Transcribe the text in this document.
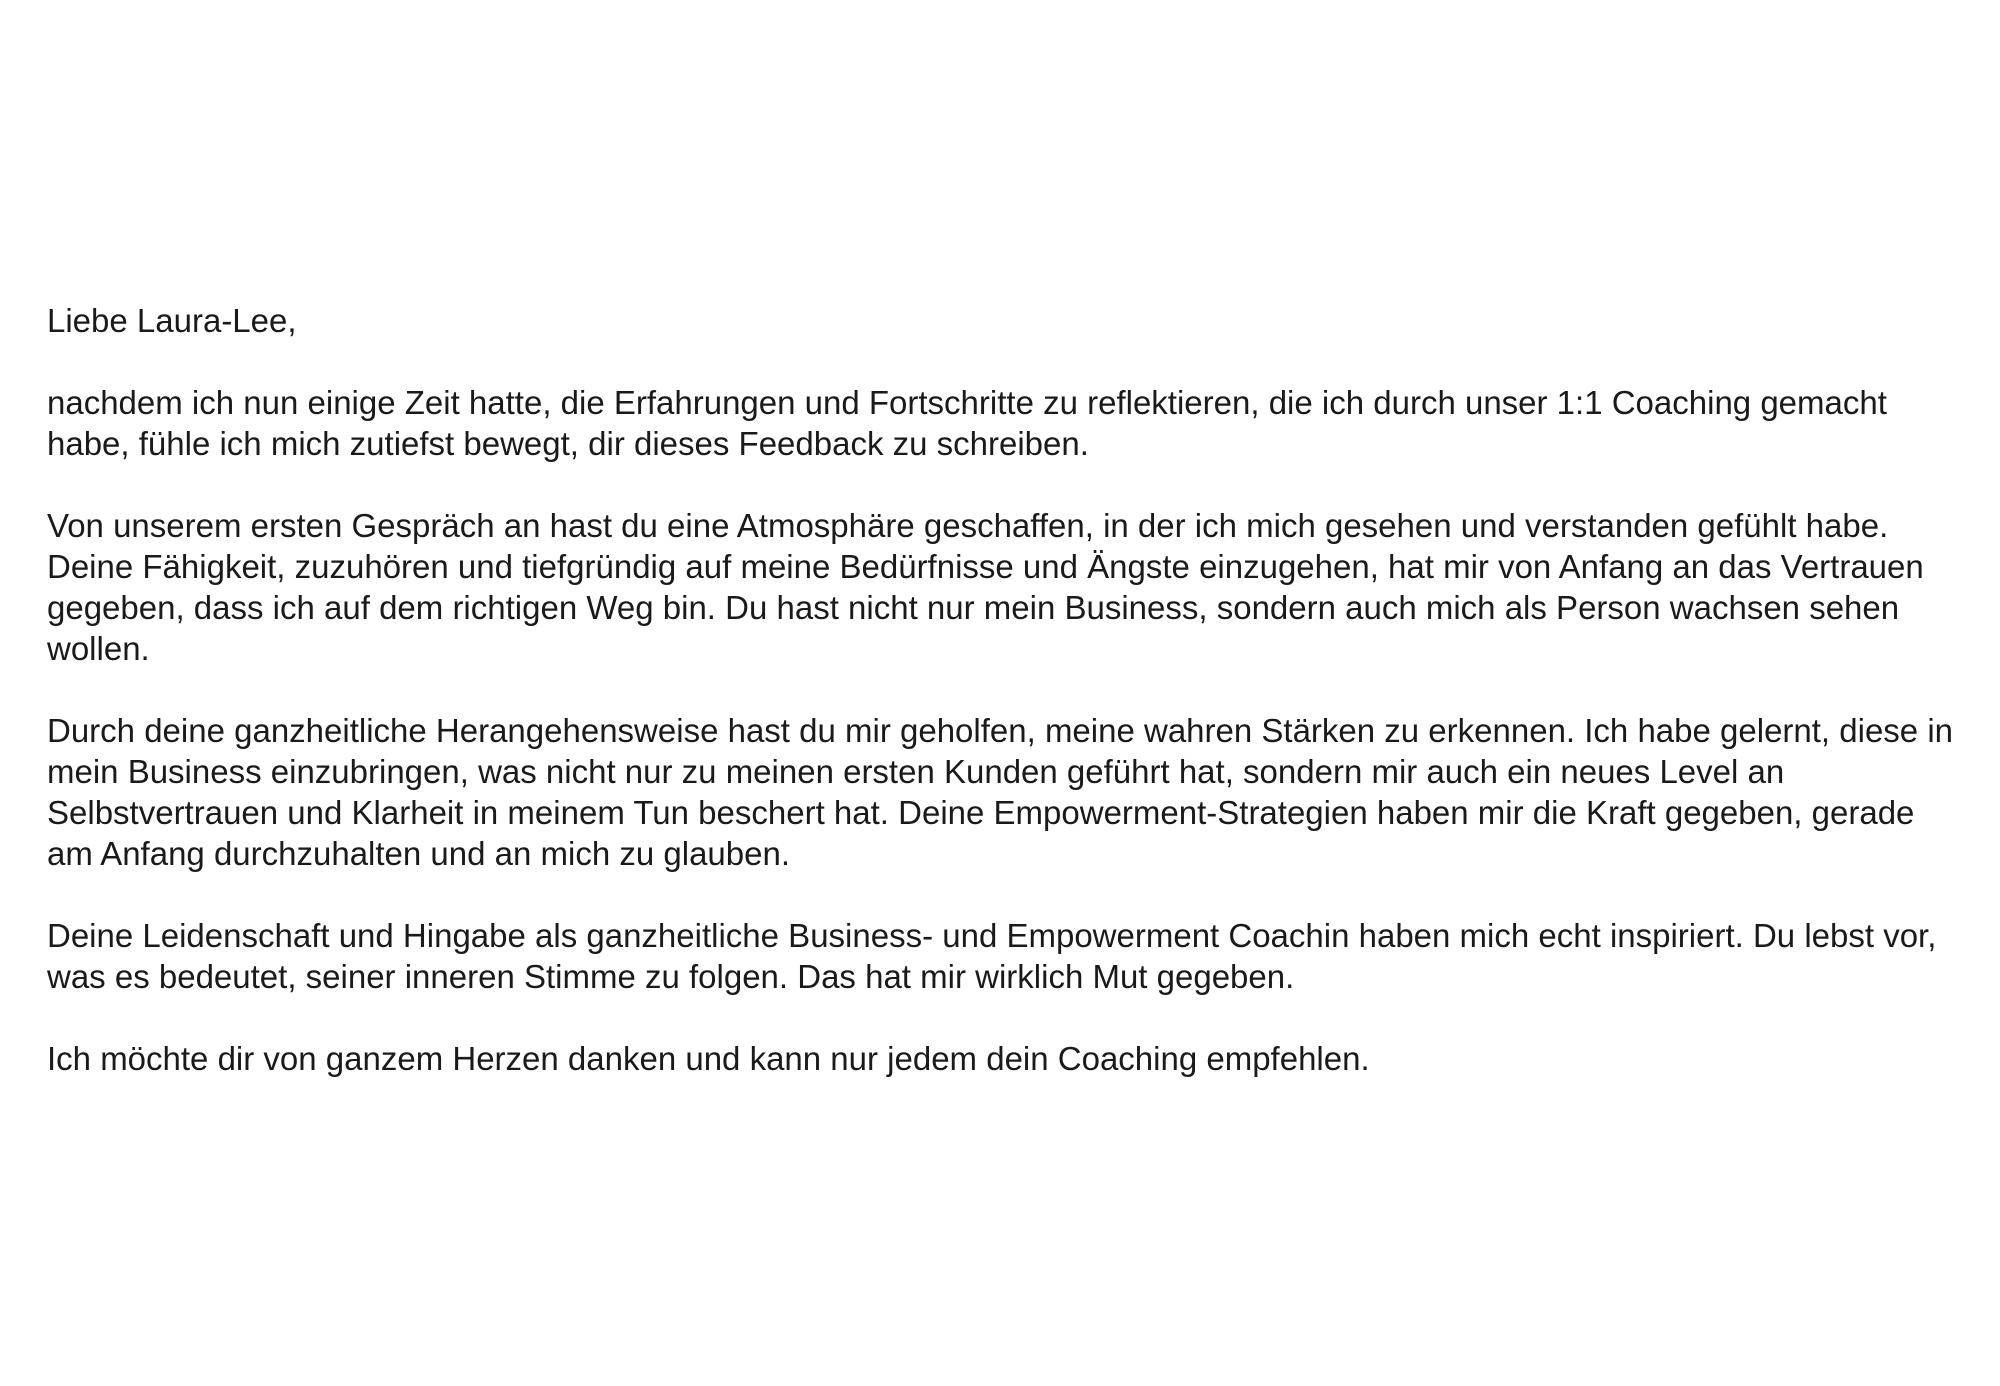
Liebe Laura-Lee,

nachdem ich nun einige Zeit hatte, die Erfahrungen und Fortschritte zu reflektieren, die ich durch unser 1:1 Coaching gemacht habe, fühle ich mich zutiefst bewegt, dir dieses Feedback zu schreiben.

Von unserem ersten Gespräch an hast du eine Atmosphäre geschaffen, in der ich mich gesehen und verstanden gefühlt habe. Deine Fähigkeit, zuzuhören und tiefgründig auf meine Bedürfnisse und Ängste einzugehen, hat mir von Anfang an das Vertrauen gegeben, dass ich auf dem richtigen Weg bin. Du hast nicht nur mein Business, sondern auch mich als Person wachsen sehen wollen.

Durch deine ganzheitliche Herangehensweise hast du mir geholfen, meine wahren Stärken zu erkennen. Ich habe gelernt, diese in mein Business einzubringen, was nicht nur zu meinen ersten Kunden geführt hat, sondern mir auch ein neues Level an Selbstvertrauen und Klarheit in meinem Tun beschert hat. Deine Empowerment-Strategien haben mir die Kraft gegeben, gerade am Anfang durchzuhalten und an mich zu glauben.

Deine Leidenschaft und Hingabe als ganzheitliche Business- und Empowerment Coachin haben mich echt inspiriert. Du lebst vor, was es bedeutet, seiner inneren Stimme zu folgen. Das hat mir wirklich Mut gegeben.

Ich möchte dir von ganzem Herzen danken und kann nur jedem dein Coaching empfehlen.
